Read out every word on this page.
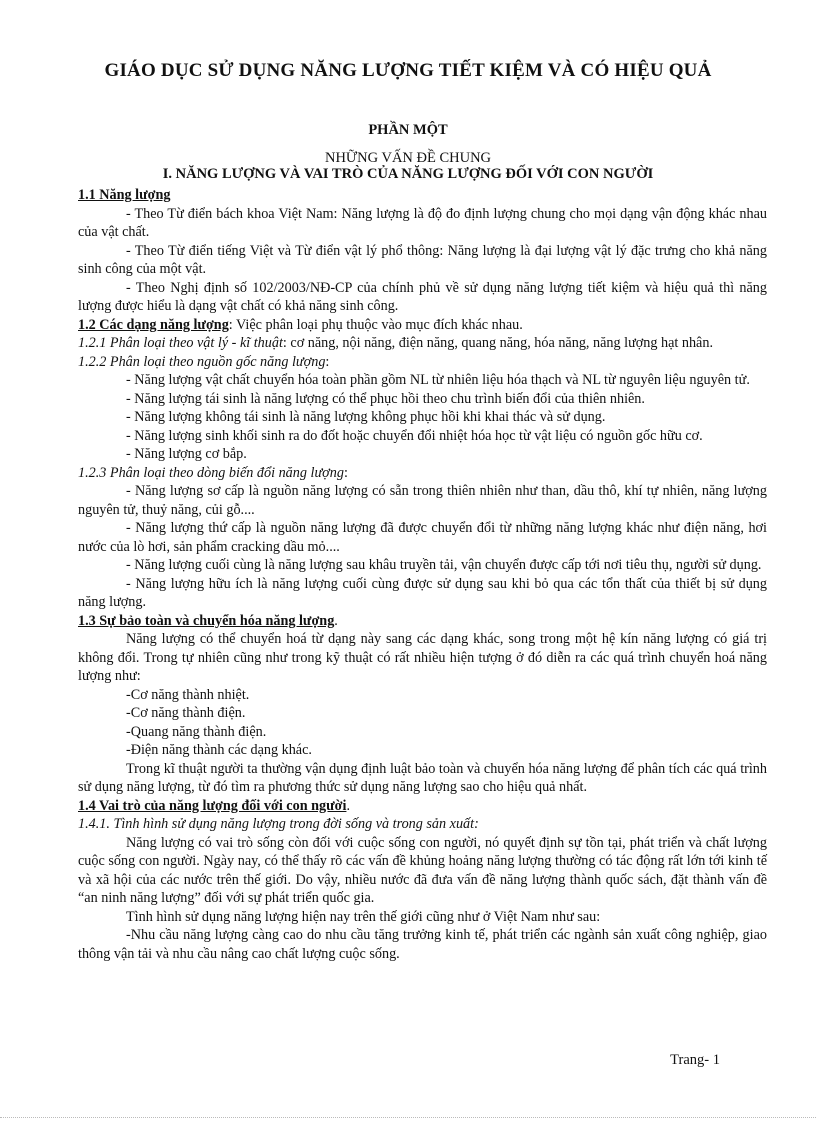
GIÁO DỤC SỬ DỤNG NĂNG LƯỢNG TIẾT KIỆM VÀ CÓ HIỆU QUẢ
PHẦN MỘT
NHỮNG VẤN ĐỀ CHUNG
I. NĂNG LƯỢNG VÀ VAI TRÒ CỦA NĂNG LƯỢNG ĐỐI VỚI CON NGƯỜI

1.1 Năng lượng

- Theo Từ điển bách khoa Việt Nam: Năng lượng là độ đo định lượng chung cho mọi dạng vận động khác nhau của vật chất.

- Theo Từ điển tiếng Việt và Từ điển vật lý phổ thông: Năng lượng là đại lượng vật lý đặc trưng cho khả năng sinh công của một vật.

- Theo Nghị định số 102/2003/NĐ-CP của chính phủ về sử dụng năng lượng tiết kiệm và hiệu quả thì năng lượng được hiểu là dạng vật chất có khả năng sinh công.

1.2 Các dạng năng lượng: Việc phân loại phụ thuộc vào mục đích khác nhau.

1.2.1 Phân loại theo vật lý - kĩ thuật: cơ năng, nội năng, điện năng, quang năng, hóa năng, năng lượng hạt nhân.

1.2.2 Phân loại theo nguồn gốc năng lượng:

- Năng lượng vật chất chuyển hóa toàn phần gồm NL từ nhiên liệu hóa thạch và NL từ nguyên liệu nguyên tử.

- Năng lượng tái sinh là năng lượng có thể phục hồi theo chu trình biến đổi của thiên nhiên.

- Năng lượng không tái sinh là năng lượng không phục hồi khi khai thác và sử dụng.

- Năng lượng sinh khối sinh ra do đốt hoặc chuyển đổi nhiệt hóa học từ vật liệu có nguồn gốc hữu cơ.

- Năng lượng cơ bắp.

1.2.3 Phân loại theo dòng biến đổi năng lượng:

- Năng lượng sơ cấp là nguồn năng lượng có sẵn trong thiên nhiên như than, dầu thô, khí tự nhiên, năng lượng nguyên tử, thuỷ năng, củi gỗ....

- Năng lượng thứ cấp là nguồn năng lượng đã được chuyển đổi từ những năng lượng khác như điện năng, hơi nước của lò hơi, sản phẩm cracking dầu mỏ....

- Năng lượng cuối cùng là năng lượng sau khâu truyền tải, vận chuyển được cấp tới nơi tiêu thụ, người sử dụng.

- Năng lượng hữu ích là năng lượng cuối cùng được sử dụng sau khi bỏ qua các tổn thất của thiết bị sử dụng năng lượng.

1.3 Sự bảo toàn và chuyển hóa năng lượng.

Năng lượng có thể chuyển hoá từ dạng này sang các dạng khác, song trong một hệ kín năng lượng có giá trị không đổi. Trong tự nhiên cũng như trong kỹ thuật có rất nhiều hiện tượng ở đó diễn ra các quá trình chuyển hoá năng lượng như:

-Cơ năng thành nhiệt.

-Cơ năng thành điện.

-Quang năng thành điện.

-Điện năng thành các dạng khác.

Trong kĩ thuật người ta thường vận dụng định luật bảo toàn và chuyển hóa năng lượng để phân tích các quá trình sử dụng năng lượng, từ đó tìm ra phương thức sử dụng năng lượng sao cho hiệu quả nhất.

1.4 Vai trò của năng lượng đối với con người.

1.4.1. Tình hình sử dụng năng lượng trong đời sống và trong sản xuất:

Năng lượng có vai trò sống còn đối với cuộc sống con người, nó quyết định sự tồn tại, phát triển và chất lượng cuộc sống con người. Ngày nay, có thể thấy rõ các vấn đề khủng hoảng năng lượng thường có tác động rất lớn tới kinh tế và xã hội của các nước trên thế giới. Do vậy, nhiều nước đã đưa vấn đề năng lượng thành quốc sách, đặt thành vấn đề “an ninh năng lượng” đối với sự phát triển quốc gia.

Tình hình sử dụng năng lượng hiện nay trên thế giới cũng như ở Việt Nam như sau:

-Nhu cầu năng lượng càng cao do nhu cầu tăng trưởng kinh tế, phát triển các ngành sản xuất công nghiệp, giao thông vận tải và nhu cầu nâng cao chất lượng cuộc sống.

Trang- 1
